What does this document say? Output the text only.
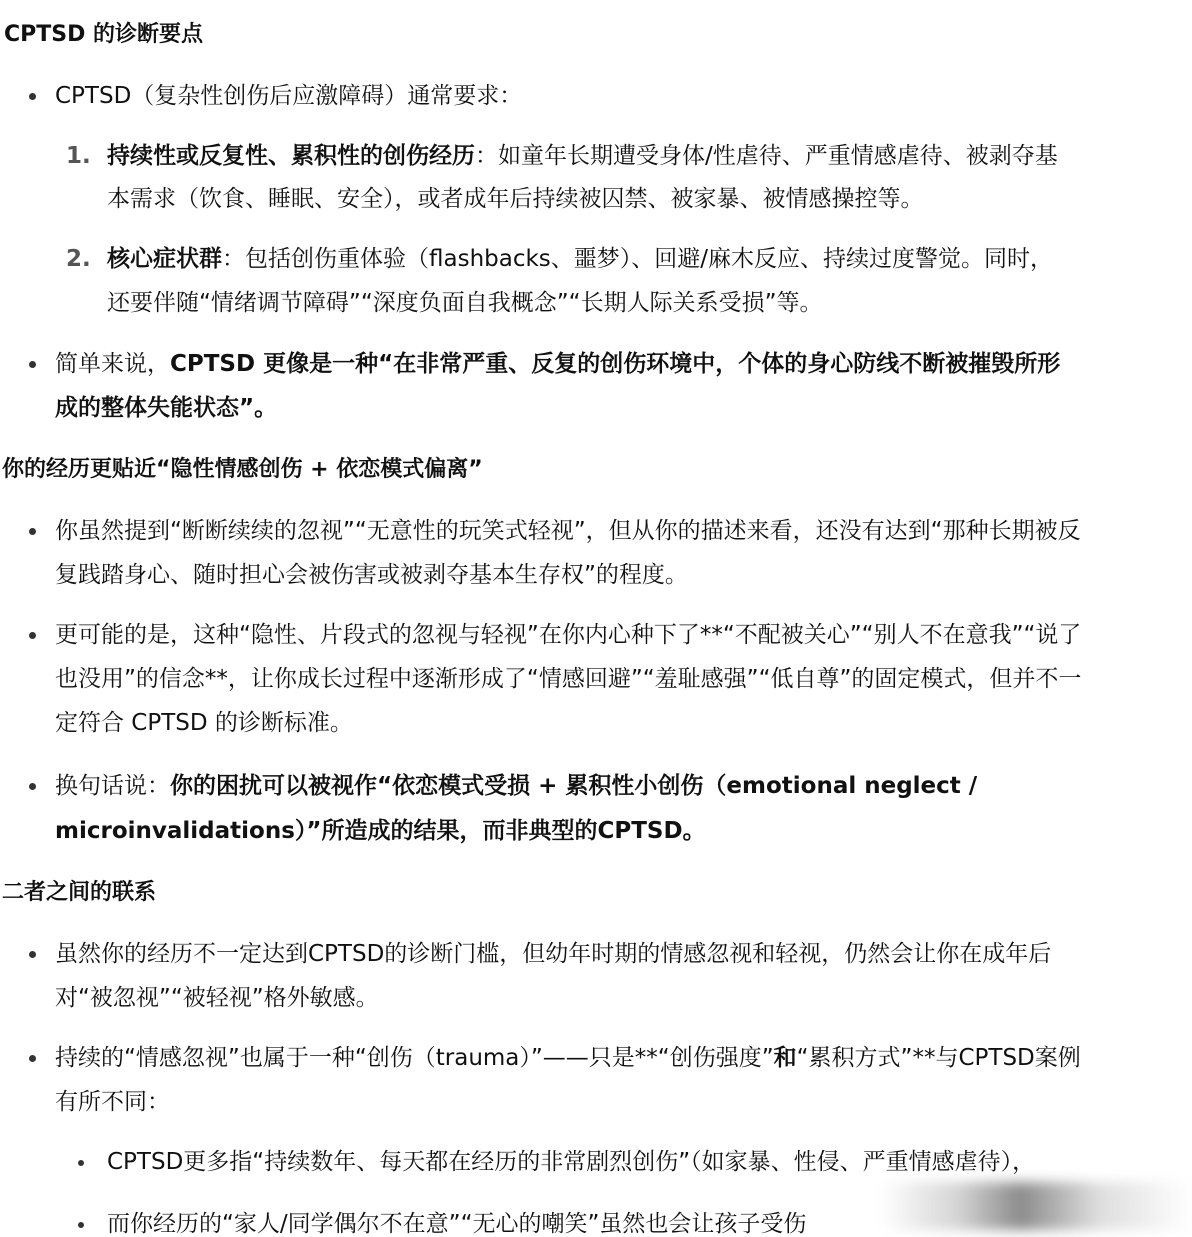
CPTSD 的诊断要点
CPTSD（复杂性创伤后应激障碍）通常要求：
1. 持续性或反复性、累积性的创伤经历：如童年长期遭受身体/性虐待、严重情感虐待、被剥夺基
本需求（饮食、睡眠、安全），或者成年后持续被囚禁、被家暴、被情感操控等。
2. 核心症状群：包括创伤重体验（flashbacks、噩梦）、回避/麻木反应、持续过度警觉。同时，
还要伴随“情绪调节障碍”“深度负面自我概念”“长期人际关系受损”等。
简单来说，CPTSD 更像是一种“在非常严重、反复的创伤环境中，个体的身心防线不断被摧毁所形
成的整体失能状态”。
你的经历更贴近“隐性情感创伤 + 依恋模式偏离”
你虽然提到“断断续续的忽视”“无意性的玩笑式轻视”，但从你的描述来看，还没有达到“那种长期被反
复践踏身心、随时担心会被伤害或被剥夺基本生存权”的程度。
更可能的是，这种“隐性、片段式的忽视与轻视”在你内心种下了**“不配被关心”“别人不在意我”“说了
也没用”的信念**，让你成长过程中逐渐形成了“情感回避”“羞耻感强”“低自尊”的固定模式，但并不一
定符合 CPTSD 的诊断标准。
换句话说：你的困扰可以被视作“依恋模式受损 + 累积性小创伤（emotional neglect /
microinvalidations）”所造成的结果，而非典型的CPTSD。
二者之间的联系
虽然你的经历不一定达到CPTSD的诊断门槛，但幼年时期的情感忽视和轻视，仍然会让你在成年后
对“被忽视”“被轻视”格外敏感。
持续的“情感忽视”也属于一种“创伤（trauma）”——只是**“创伤强度”和“累积方式”**与CPTSD案例
有所不同：
CPTSD更多指“持续数年、每天都在经历的非常剧烈创伤”（如家暴、性侵、严重情感虐待），
而你经历的“家人/同学偶尔不在意”“无心的嘲笑”虽然也会让孩子受伤
